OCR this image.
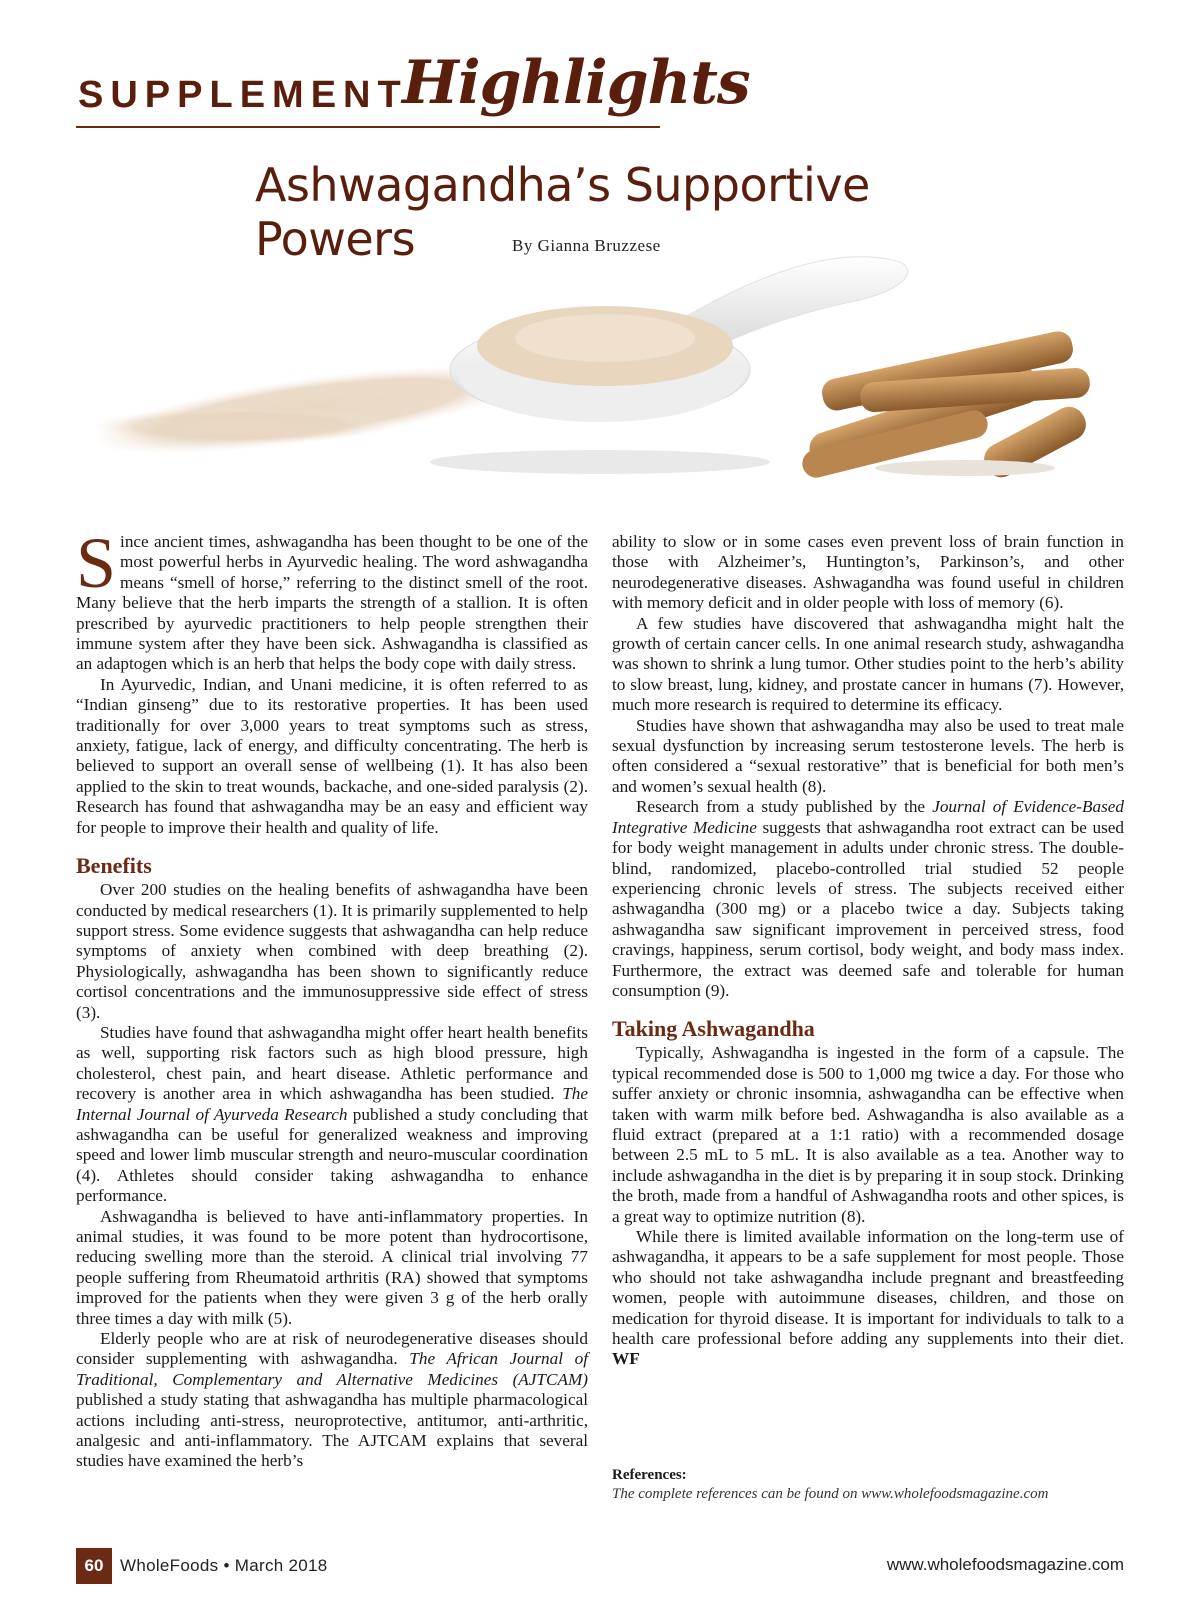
SUPPLEMENT
Highlights
Ashwagandha’s Supportive Powers	By Gianna Bruzzese

Since ancient times, ashwagandha has been thought to be one of the most powerful herbs in Ayurvedic healing. The word ashwagandha means “smell of horse,” referring to the distinct smell of the root. Many believe that the herb imparts the strength of a stallion. It is often prescribed by ayurvedic practitioners to help people strengthen their immune system after they have been sick. Ashwagandha is classified as an adaptogen which is an herb that helps the body cope with daily stress.

In Ayurvedic, Indian, and Unani medicine, it is often referred to as “Indian ginseng” due to its restorative properties. It has been used traditionally for over 3,000 years to treat symptoms such as stress, anxiety, fatigue, lack of energy, and difficulty concentrating. The herb is believed to support an overall sense of wellbeing (1). It has also been applied to the skin to treat wounds, backache, and one-sided paralysis (2). Research has found that ashwagandha may be an easy and efficient way for people to improve their health and quality of life.

Benefits

Over 200 studies on the healing benefits of ashwagandha have been conducted by medical researchers (1). It is primarily supplemented to help support stress. Some evidence suggests that ashwagandha can help reduce symptoms of anxiety when combined with deep breathing (2). Physiologically, ashwagandha has been shown to significantly reduce cortisol concentrations and the immunosuppressive side effect of stress (3).

Studies have found that ashwagandha might offer heart health benefits as well, supporting risk factors such as high blood pressure, high cholesterol, chest pain, and heart disease. Athletic performance and recovery is another area in which ashwagandha has been studied. The Internal Journal of Ayurveda Research published a study concluding that ashwagandha can be useful for generalized weakness and improving speed and lower limb muscular strength and neuro-muscular coordination (4). Athletes should consider taking ashwagandha to enhance performance.

Ashwagandha is believed to have anti-inflammatory properties. In animal studies, it was found to be more potent than hydrocortisone, reducing swelling more than the steroid. A clinical trial involving 77 people suffering from Rheumatoid arthritis (RA) showed that symptoms improved for the patients when they were given 3 g of the herb orally three times a day with milk (5).

Elderly people who are at risk of neurodegenerative diseases should consider supplementing with ashwagandha. The African Journal of Traditional, Complementary and Alternative Medicines (AJTCAM) published a study stating that ashwagandha has multiple pharmacological actions including anti-stress, neuroprotective, antitumor, anti-arthritic, analgesic and anti-inflammatory. The AJTCAM explains that several studies have examined the herb’s

ability to slow or in some cases even prevent loss of brain function in those with Alzheimer’s, Huntington’s, Parkinson’s, and other neurodegenerative diseases. Ashwagandha was found useful in children with memory deficit and in older people with loss of memory (6).

A few studies have discovered that ashwagandha might halt the growth of certain cancer cells. In one animal research study, ashwagandha was shown to shrink a lung tumor. Other studies point to the herb’s ability to slow breast, lung, kidney, and prostate cancer in humans (7). However, much more research is required to determine its efficacy.

Studies have shown that ashwagandha may also be used to treat male sexual dysfunction by increasing serum testosterone levels. The herb is often considered a “sexual restorative” that is beneficial for both men’s and women’s sexual health (8).

Research from a study published by the Journal of Evidence-Based Integrative Medicine suggests that ashwagandha root extract can be used for body weight management in adults under chronic stress. The double-blind, randomized, placebo-controlled trial studied 52 people experiencing chronic levels of stress. The subjects received either ashwagandha (300 mg) or a placebo twice a day. Subjects taking ashwagandha saw significant improvement in perceived stress, food cravings, happiness, serum cortisol, body weight, and body mass index. Furthermore, the extract was deemed safe and tolerable for human consumption (9).

Taking Ashwagandha

Typically, Ashwagandha is ingested in the form of a capsule. The typical recommended dose is 500 to 1,000 mg twice a day. For those who suffer anxiety or chronic insomnia, ashwagandha can be effective when taken with warm milk before bed. Ashwagandha is also available as a fluid extract (prepared at a 1:1 ratio) with a recommended dosage between 2.5 mL to 5 mL. It is also available as a tea. Another way to include ashwagandha in the diet is by preparing it in soup stock. Drinking the broth, made from a handful of Ashwagandha roots and other spices, is a great way to optimize nutrition (8).

While there is limited available information on the long-term use of ashwagandha, it appears to be a safe supplement for most people. Those who should not take ashwagandha include pregnant and breastfeeding women, people with autoimmune diseases, children, and those on medication for thyroid disease. It is important for individuals to talk to a health care professional before adding any supplements into their diet. WF

References:
The complete references can be found on www.wholefoodsmagazine.com
60 WholeFoods • March 2018	www.wholefoodsmagazine.com
